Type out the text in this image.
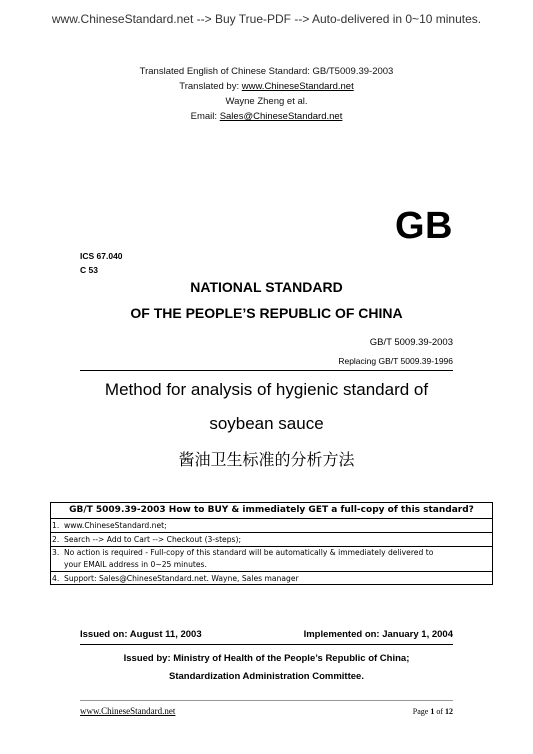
www.ChineseStandard.net --> Buy True-PDF --> Auto-delivered in 0~10 minutes.
Translated English of Chinese Standard: GB/T5009.39-2003
Translated by: www.ChineseStandard.net
Wayne Zheng et al.
Email: Sales@ChineseStandard.net
GB
ICS 67.040
C 53
NATIONAL STANDARD
OF THE PEOPLE’S REPUBLIC OF CHINA
GB/T 5009.39-2003
Replacing GB/T 5009.39-1996
Method for analysis of hygienic standard of
soybean sauce
酱油卫生标准的分析方法
GB/T 5009.39-2003 How to BUY & immediately GET a full-copy of this standard?
1. www.ChineseStandard.net;
2. Search --> Add to Cart --> Checkout (3-steps);
3. No action is required - Full-copy of this standard will be automatically & immediately delivered to
your EMAIL address in 0~25 minutes.
4. Support: Sales@ChineseStandard.net. Wayne, Sales manager
Issued on: August 11, 2003	Implemented on: January 1, 2004
Issued by: Ministry of Health of the People’s Republic of China;
Standardization Administration Committee.
www.ChineseStandard.net	Page 1 of 12
